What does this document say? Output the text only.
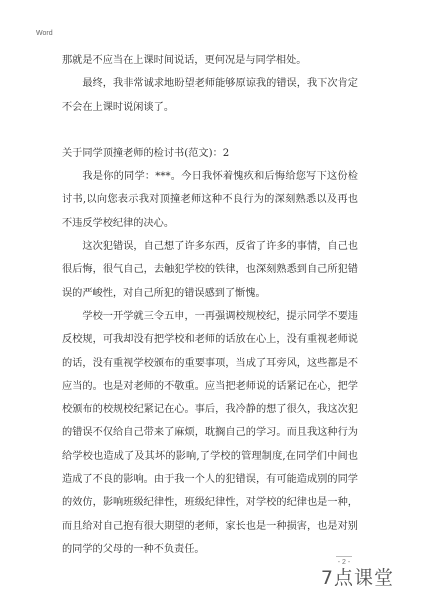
Word

那就是不应当在上课时间说话，更何况是与同学相处。

最终，我非常诚求地盼望老师能够原谅我的错误，我下次肯定不会在上课时说闲谈了。

关于同学顶撞老师的检讨书(范文)：2

我是你的同学：***。今日我怀着愧疚和后悔给您写下这份检讨书,以向您表示我对顶撞老师这种不良行为的深刻熟悉以及再也不违反学校纪律的决心。

这次犯错误，自己想了许多东西，反省了许多的事情，自己也很后悔，很气自己，去触犯学校的铁律，也深刻熟悉到自己所犯错误的严峻性，对自己所犯的错误感到了惭愧。

学校一开学就三令五申，一再强调校规校纪，提示同学不要违反校规，可我却没有把学校和老师的话放在心上，没有重视老师说的话，没有重视学校颁布的重要事项，当成了耳旁风，这些都是不应当的。也是对老师的不敬重。应当把老师说的话紧记在心，把学校颁布的校规校纪紧记在心。事后，我冷静的想了很久，我这次犯的错误不仅给自己带来了麻烦，耽搁自己的学习。而且我这种行为给学校也造成了及其坏的影响,了学校的管理制度,在同学们中间也造成了不良的影响。由于我一个人的犯错误，有可能造成别的同学的效仿，影响班级纪律性，班级纪律性，对学校的纪律也是一种，而且给对自己抱有很大期望的老师，家长也是一种损害，也是对别的同学的父母的一种不负责任。

- 2 -
7点课堂
